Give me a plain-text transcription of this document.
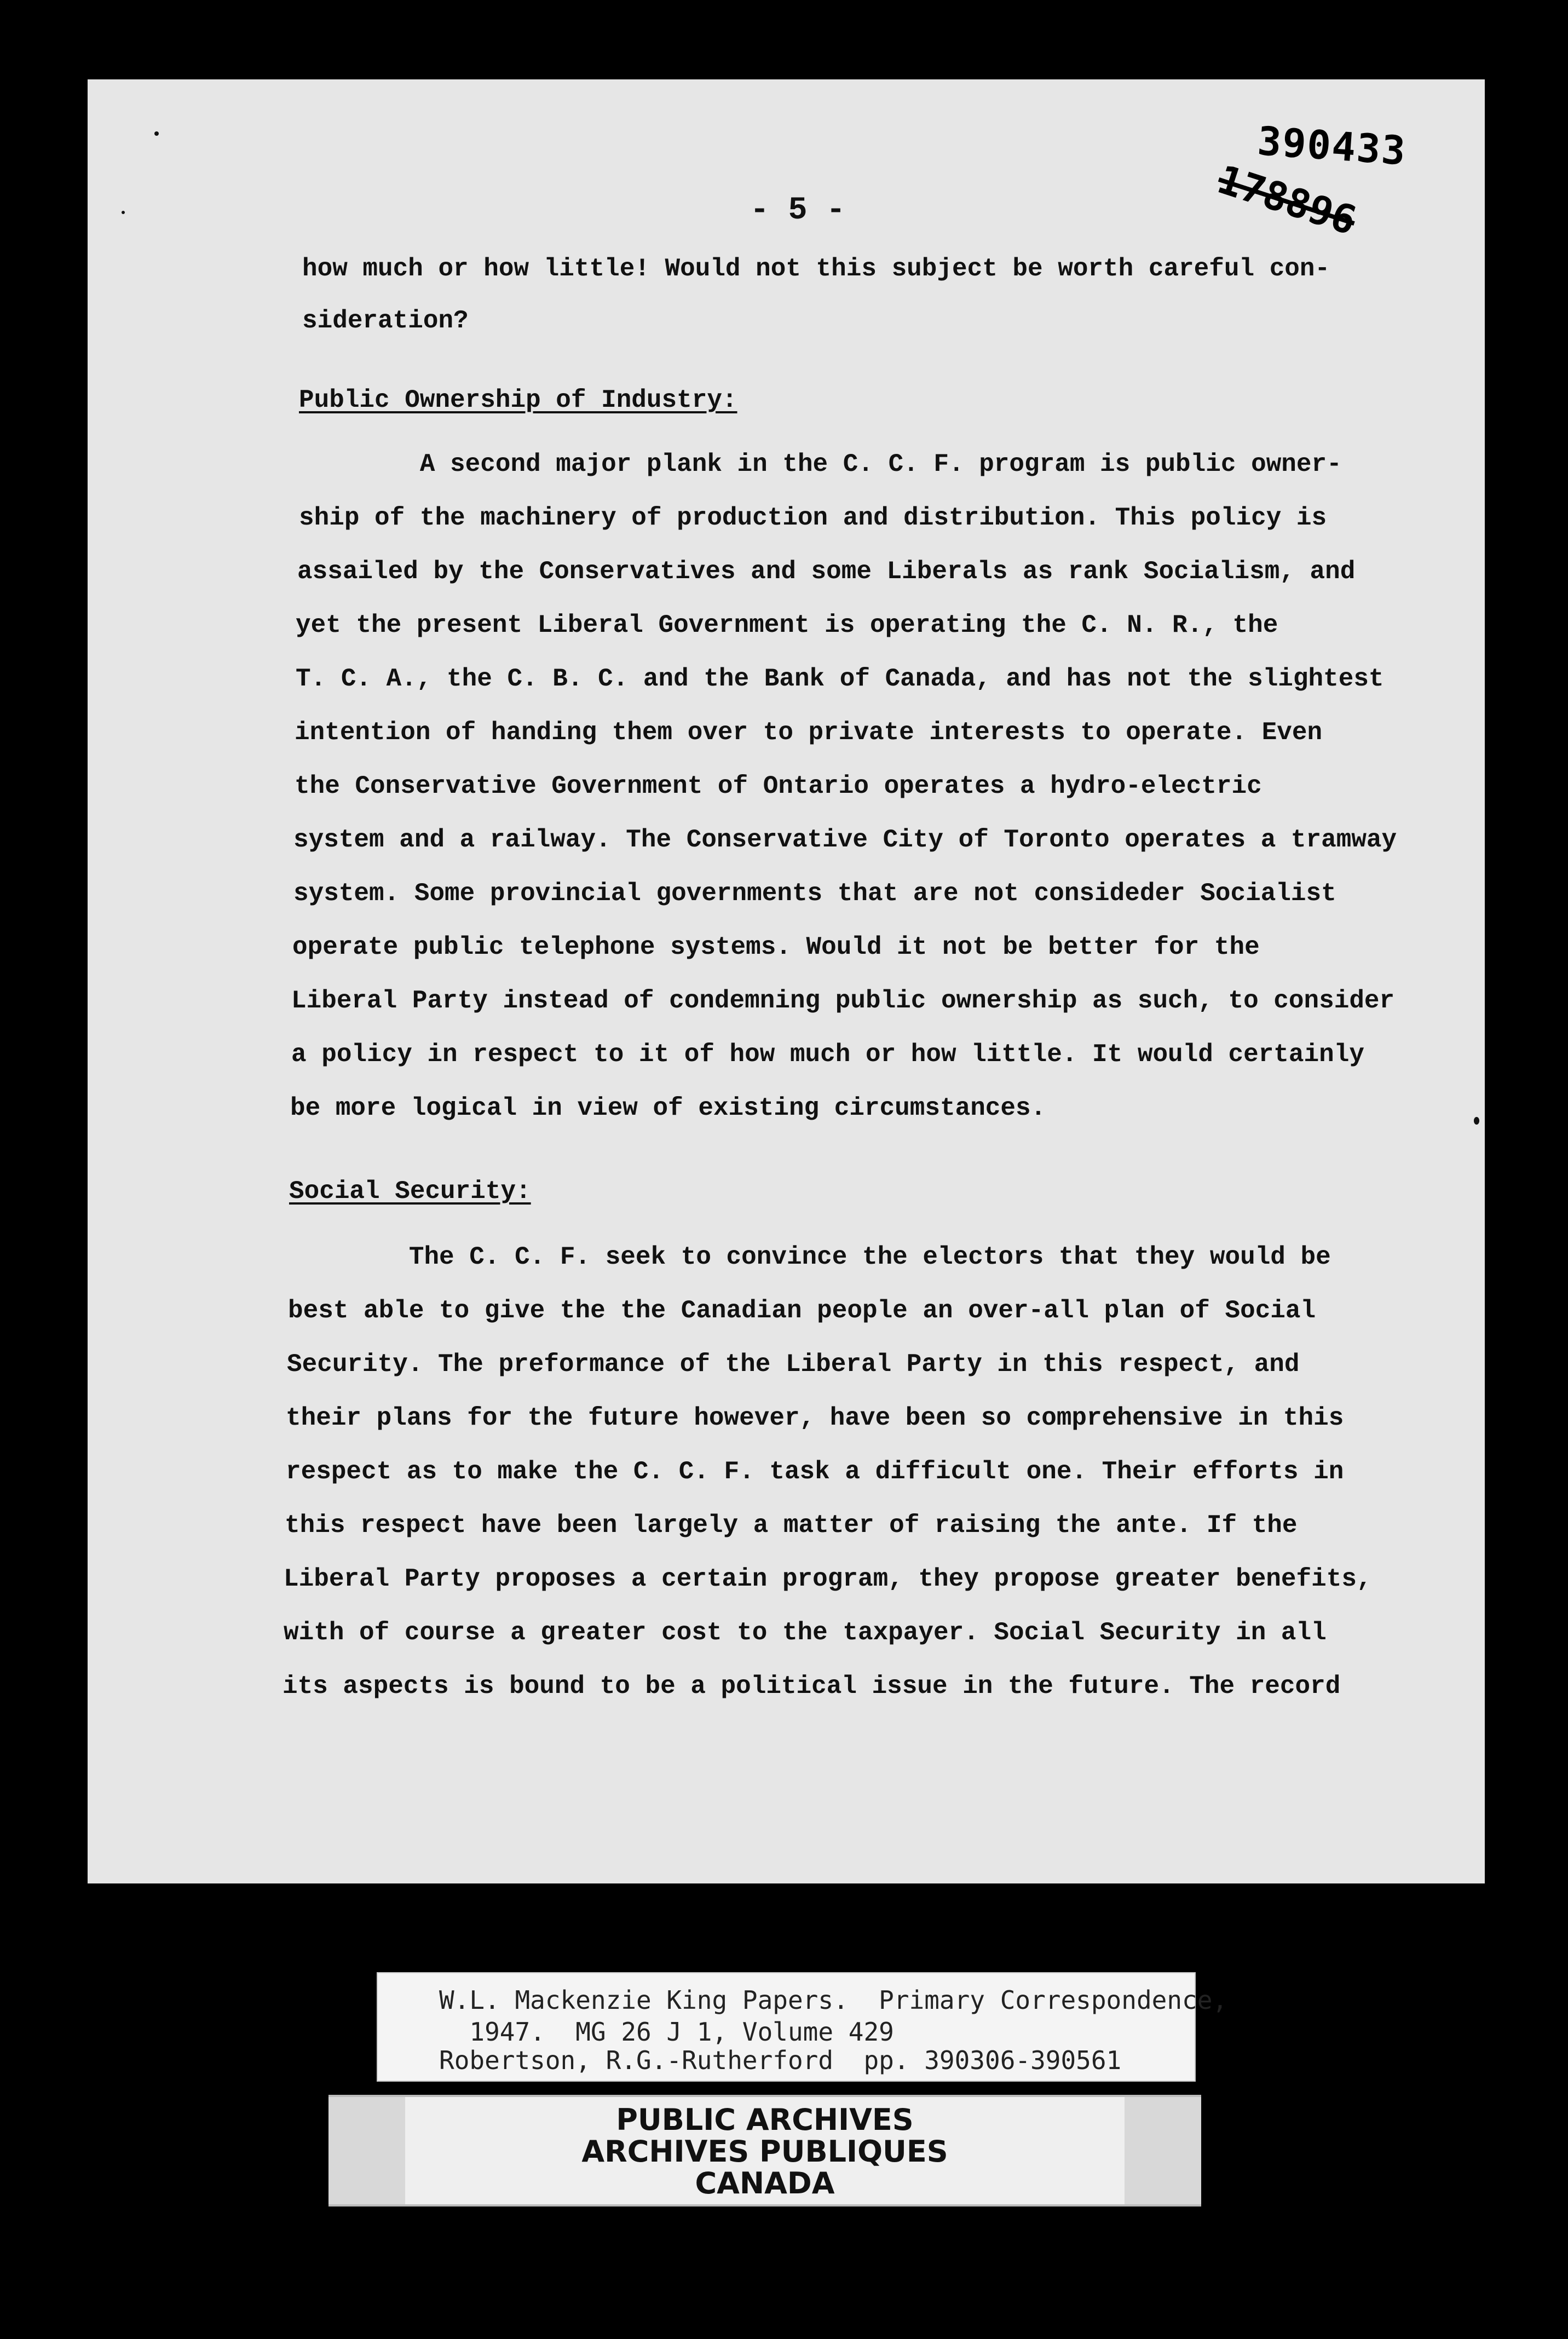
178896
390433
- 5 -
how much or how little! Would not this subject be worth careful con-
sideration?
Public Ownership of Industry:
A second major plank in the C. C. F. program is public owner-
ship of the machinery of production and distribution. This policy is
assailed by the Conservatives and some Liberals as rank Socialism, and
yet the present Liberal Government is operating the C. N. R., the
T. C. A., the C. B. C. and the Bank of Canada, and has not the slightest
intention of handing them over to private interests to operate. Even
the Conservative Government of Ontario operates a hydro-electric
system and a railway. The Conservative City of Toronto operates a tramway
system. Some provincial governments that are not consideder Socialist
operate public telephone systems. Would it not be better for the
Liberal Party instead of condemning public ownership as such, to consider
a policy in respect to it of how much or how little. It would certainly
be more logical in view of existing circumstances.
Social Security:
The C. C. F. seek to convince the electors that they would be
best able to give the the Canadian people an over-all plan of Social
Security. The preformance of the Liberal Party in this respect, and
their plans for the future however, have been so comprehensive in this
respect as to make the C. C. F. task a difficult one. Their efforts in
this respect have been largely a matter of raising the ante. If the
Liberal Party proposes a certain program, they propose greater benefits,
with of course a greater cost to the taxpayer. Social Security in all
its aspects is bound to be a political issue in the future. The record
W.L. Mackenzie King Papers.  Primary Correspondence,
1947.  MG 26 J 1, Volume 429
Robertson, R.G.-Rutherford  pp. 390306-390561
PUBLIC ARCHIVES
ARCHIVES PUBLIQUES
CANADA
